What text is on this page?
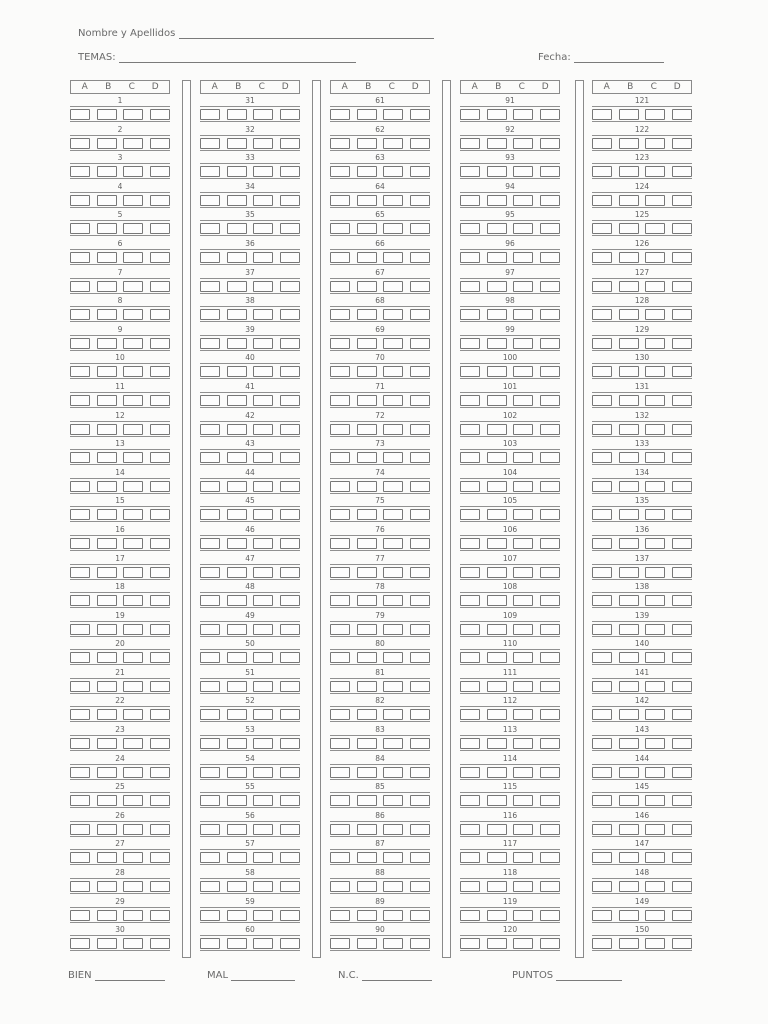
Nombre y Apellidos
TEMAS:	Fecha:
A	B	C	D
1
2
3
4
5
6
7
8
9
10
11
12
13
14
15
16
17
18
19
20
21
22
23
24
25
26
27
28
29
30
A	B	C	D
31
32
33
34
35
36
37
38
39
40
41
42
43
44
45
46
47
48
49
50
51
52
53
54
55
56
57
58
59
60
A	B	C	D
61
62
63
64
65
66
67
68
69
70
71
72
73
74
75
76
77
78
79
80
81
82
83
84
85
86
87
88
89
90
A	B	C	D
91
92
93
94
95
96
97
98
99
100
101
102
103
104
105
106
107
108
109
110
111
112
113
114
115
116
117
118
119
120
A	B	C	D
121
122
123
124
125
126
127
128
129
130
131
132
133
134
135
136
137
138
139
140
141
142
143
144
145
146
147
148
149
150
BIEN	MAL	N.C.	PUNTOS
